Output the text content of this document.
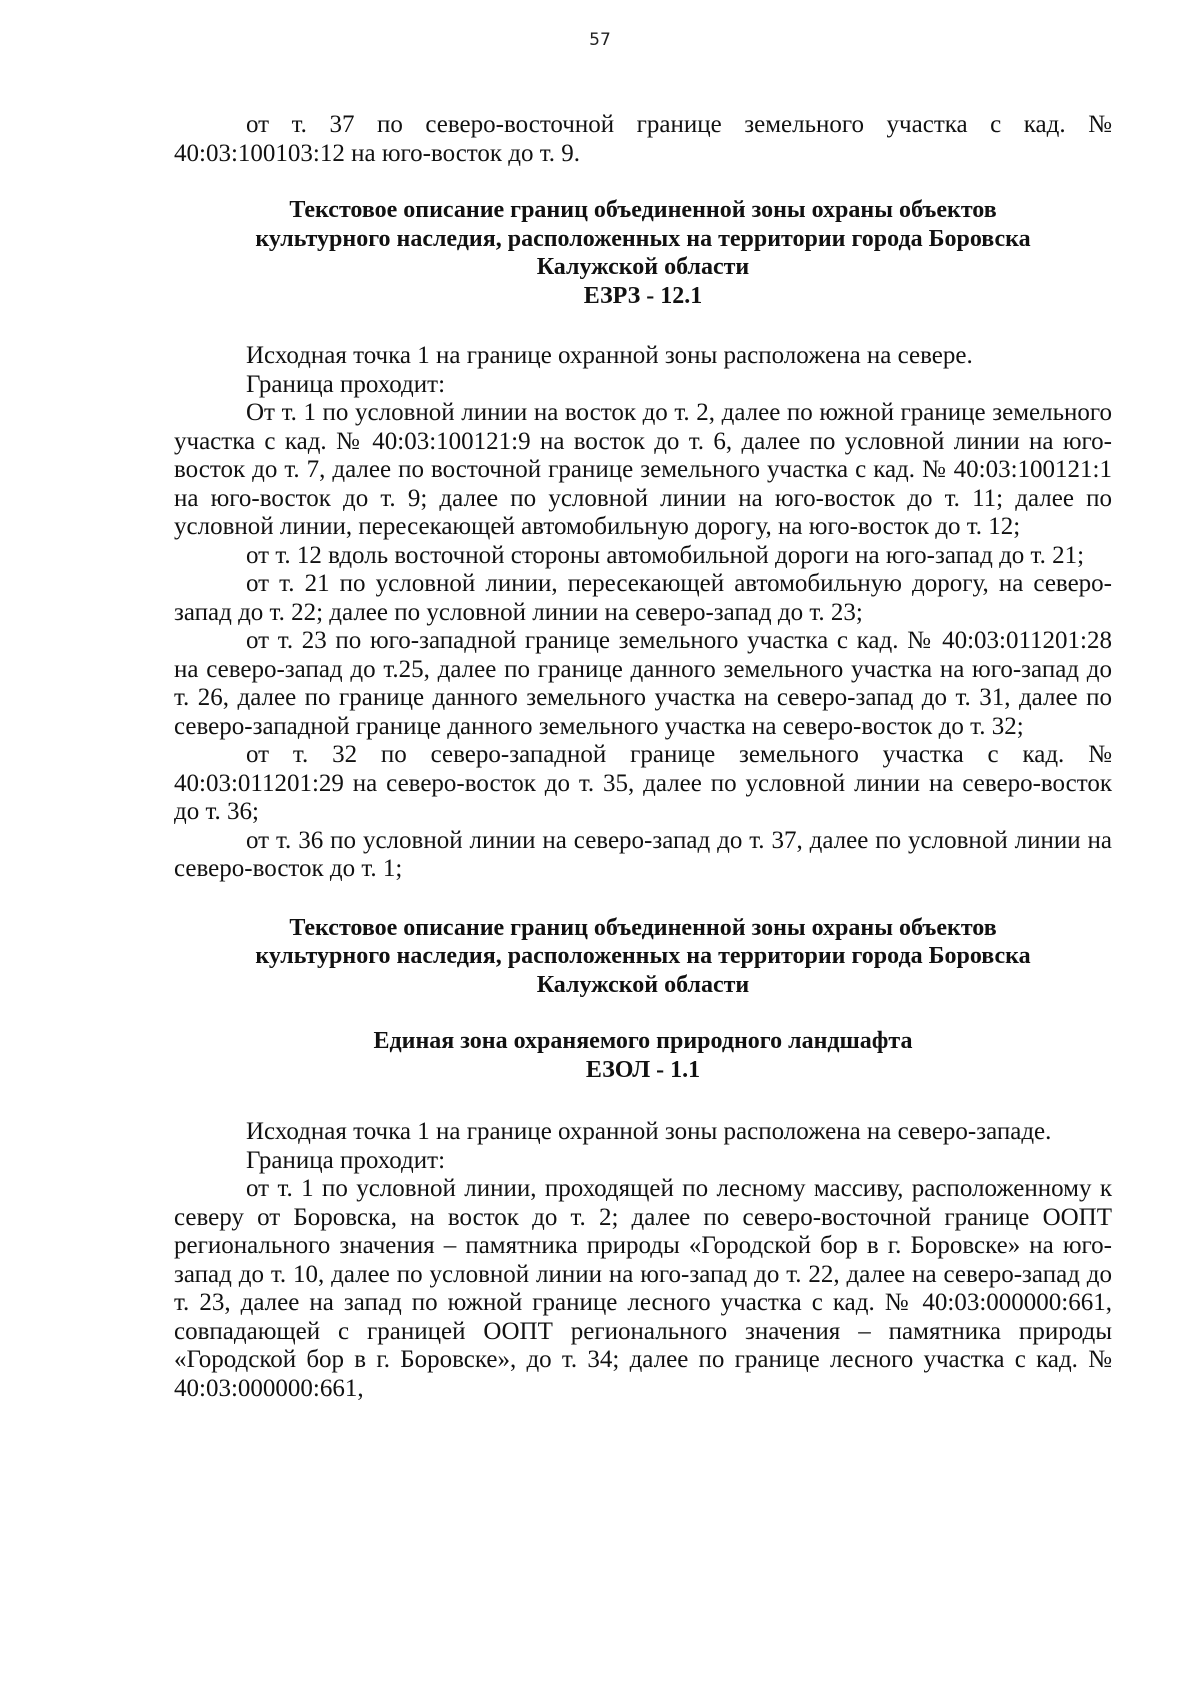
57

от т. 37 по северо-восточной границе земельного участка с кад. № 40:03:100103:12 на юго-восток до т. 9.

Текстовое описание границ объединенной зоны охраны объектов

культурного наследия, расположенных на территории города Боровска

Калужской области

ЕЗРЗ - 12.1

Исходная точка 1 на границе охранной зоны расположена на севере.

Граница проходит:

От т. 1 по условной линии на восток до т. 2, далее по южной границе земельного участка с кад. № 40:03:100121:9 на восток до т. 6, далее по условной линии на юго-восток до т. 7, далее по восточной границе земельного участка с кад. № 40:03:100121:1 на юго-восток до т. 9; далее по условной линии на юго-восток до т. 11; далее по условной линии, пересекающей автомобильную дорогу, на юго-восток до т. 12;

от т. 12 вдоль восточной стороны автомобильной дороги на юго-запад до т. 21;

от т. 21 по условной линии, пересекающей автомобильную дорогу, на северо-запад до т. 22; далее по условной линии на северо-запад до т. 23;

от т. 23 по юго-западной границе земельного участка с кад. № 40:03:011201:28 на северо-запад до т.25, далее по границе данного земельного участка на юго-запад до т. 26, далее по границе данного земельного участка на северо-запад до т. 31, далее по северо-западной границе данного земельного участка на северо-восток до т. 32;

от т. 32 по северо-западной границе земельного участка с кад. № 40:03:011201:29 на северо-восток до т. 35, далее по условной линии на северо-восток до т. 36;

от т. 36 по условной линии на северо-запад до т. 37, далее по условной линии на северо-восток до т. 1;

Текстовое описание границ объединенной зоны охраны объектов

культурного наследия, расположенных на территории города Боровска

Калужской области

Единая зона охраняемого природного ландшафта

ЕЗОЛ - 1.1

Исходная точка 1 на границе охранной зоны расположена на северо-западе.

Граница проходит:

от т. 1 по условной линии, проходящей по лесному массиву, расположенному к северу от Боровска, на восток до т. 2; далее по северо-восточной границе ООПТ регионального значения – памятника природы «Городской бор в г. Боровске» на юго-запад до т. 10, далее по условной линии на юго-запад до т. 22, далее на северо-запад до т. 23, далее на запад по южной границе лесного участка с кад. № 40:03:000000:661, совпадающей с границей ООПТ регионального значения – памятника природы «Городской бор в г. Боровске», до т. 34; далее по границе лесного участка с кад. № 40:03:000000:661,
